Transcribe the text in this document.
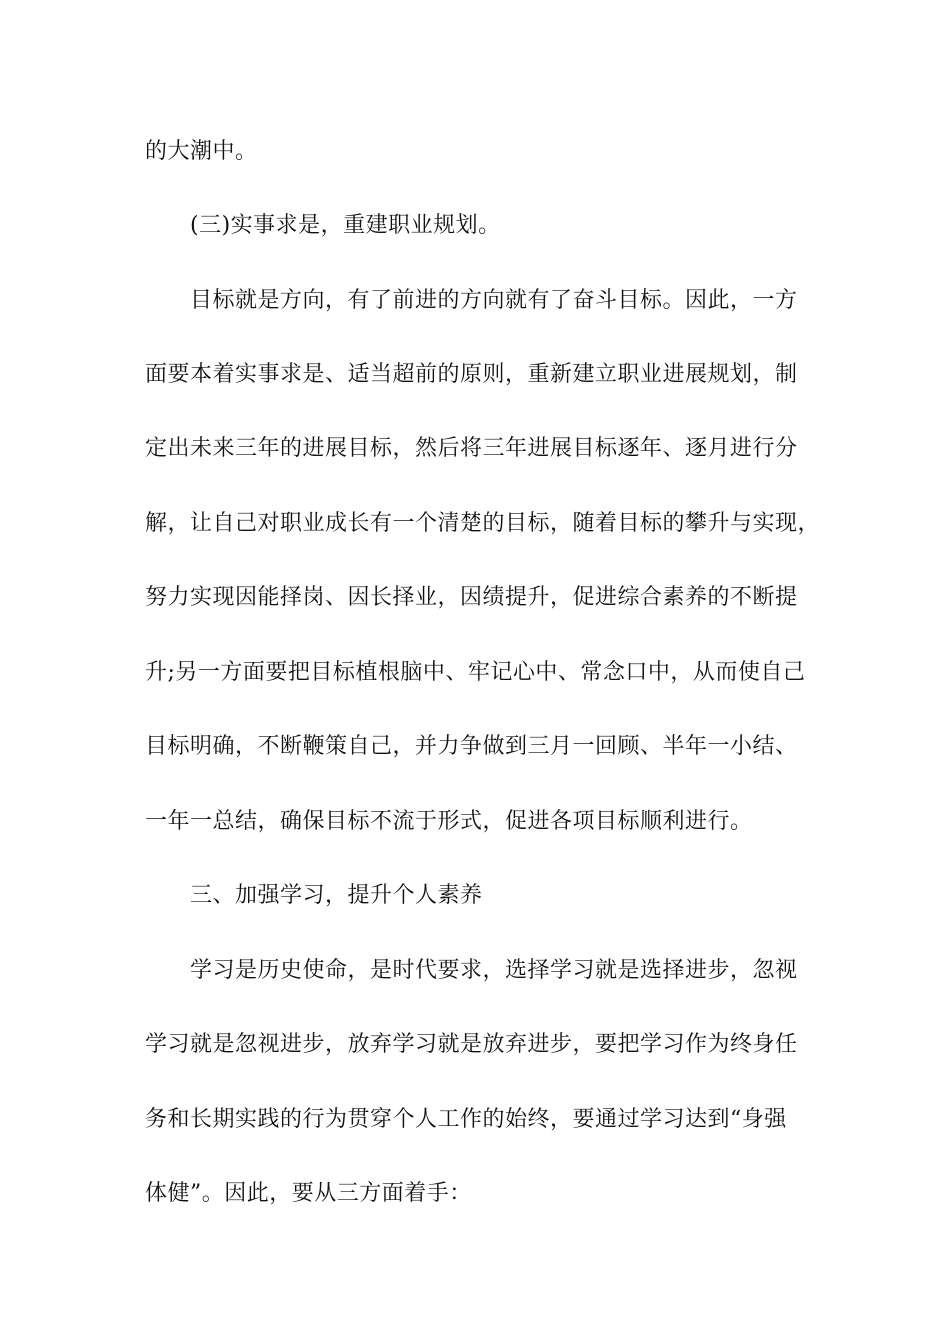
的大潮中。
(三)实事求是，重建职业规划。
目标就是方向，有了前进的方向就有了奋斗目标。因此，一方
面要本着实事求是、适当超前的原则，重新建立职业进展规划，制
定出未来三年的进展目标，然后将三年进展目标逐年、逐月进行分
解，让自己对职业成长有一个清楚的目标，随着目标的攀升与实现，
努力实现因能择岗、因长择业，因绩提升，促进综合素养的不断提
升;另一方面要把目标植根脑中、牢记心中、常念口中，从而使自己
目标明确，不断鞭策自己，并力争做到三月一回顾、半年一小结、
一年一总结，确保目标不流于形式，促进各项目标顺利进行。
三、加强学习，提升个人素养
学习是历史使命，是时代要求，选择学习就是选择进步，忽视
学习就是忽视进步，放弃学习就是放弃进步，要把学习作为终身任
务和长期实践的行为贯穿个人工作的始终，要通过学习达到“身强
体健”。因此，要从三方面着手：
